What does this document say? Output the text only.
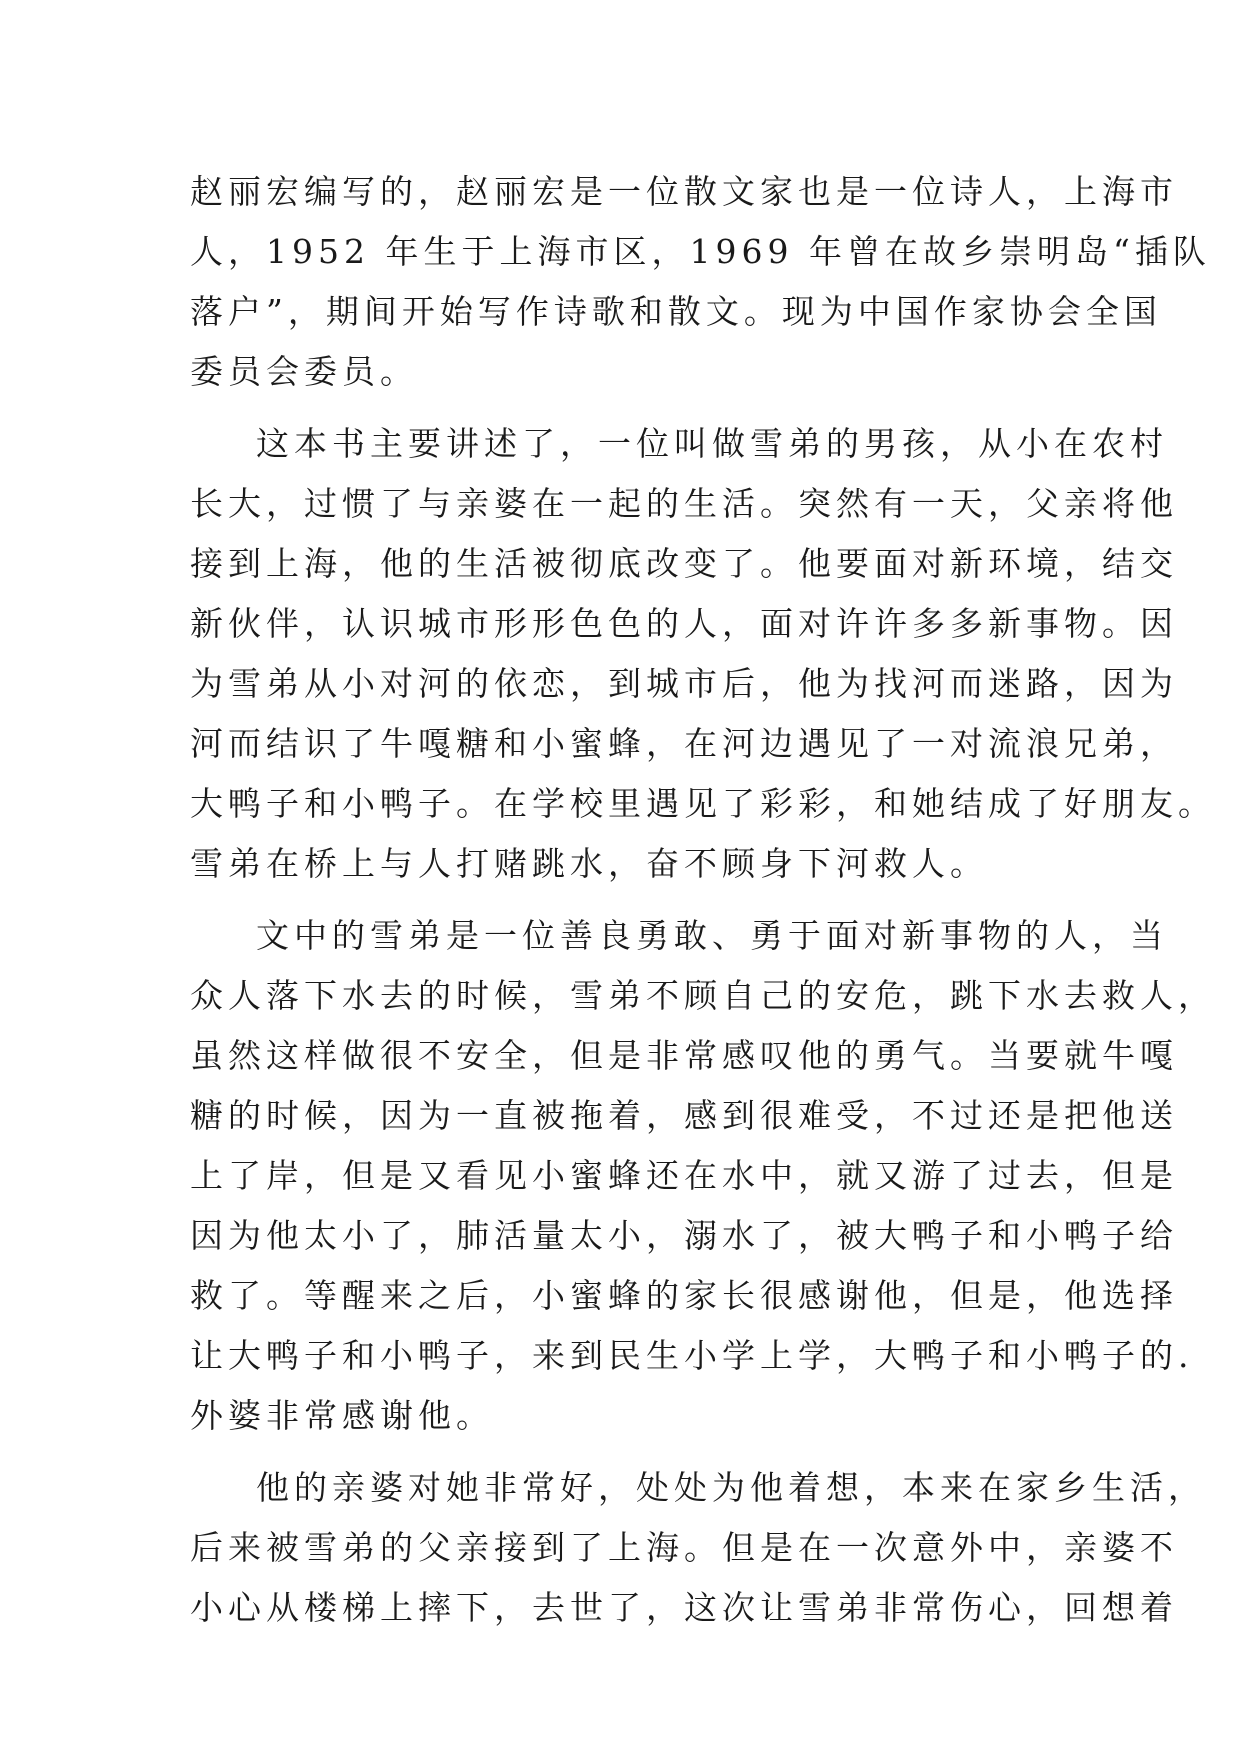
赵丽宏编写的，赵丽宏是一位散文家也是一位诗人，上海市
人，1952 年生于上海市区，1969 年曾在故乡崇明岛“插队
落户”，期间开始写作诗歌和散文。现为中国作家协会全国
委员会委员。
这本书主要讲述了，一位叫做雪弟的男孩，从小在农村
长大，过惯了与亲婆在一起的生活。突然有一天，父亲将他
接到上海，他的生活被彻底改变了。他要面对新环境，结交
新伙伴，认识城市形形色色的人，面对许许多多新事物。因
为雪弟从小对河的依恋，到城市后，他为找河而迷路，因为
河而结识了牛嘎糖和小蜜蜂，在河边遇见了一对流浪兄弟，
大鸭子和小鸭子。在学校里遇见了彩彩，和她结成了好朋友。
雪弟在桥上与人打赌跳水，奋不顾身下河救人。
文中的雪弟是一位善良勇敢、勇于面对新事物的人，当
众人落下水去的时候，雪弟不顾自己的安危，跳下水去救人，
虽然这样做很不安全，但是非常感叹他的勇气。当要就牛嘎
糖的时候，因为一直被拖着，感到很难受，不过还是把他送
上了岸，但是又看见小蜜蜂还在水中，就又游了过去，但是
因为他太小了，肺活量太小，溺水了，被大鸭子和小鸭子给
救了。等醒来之后，小蜜蜂的家长很感谢他，但是，他选择
让大鸭子和小鸭子，来到民生小学上学，大鸭子和小鸭子的.
外婆非常感谢他。
他的亲婆对她非常好，处处为他着想，本来在家乡生活，
后来被雪弟的父亲接到了上海。但是在一次意外中，亲婆不
小心从楼梯上摔下，去世了，这次让雪弟非常伤心，回想着
